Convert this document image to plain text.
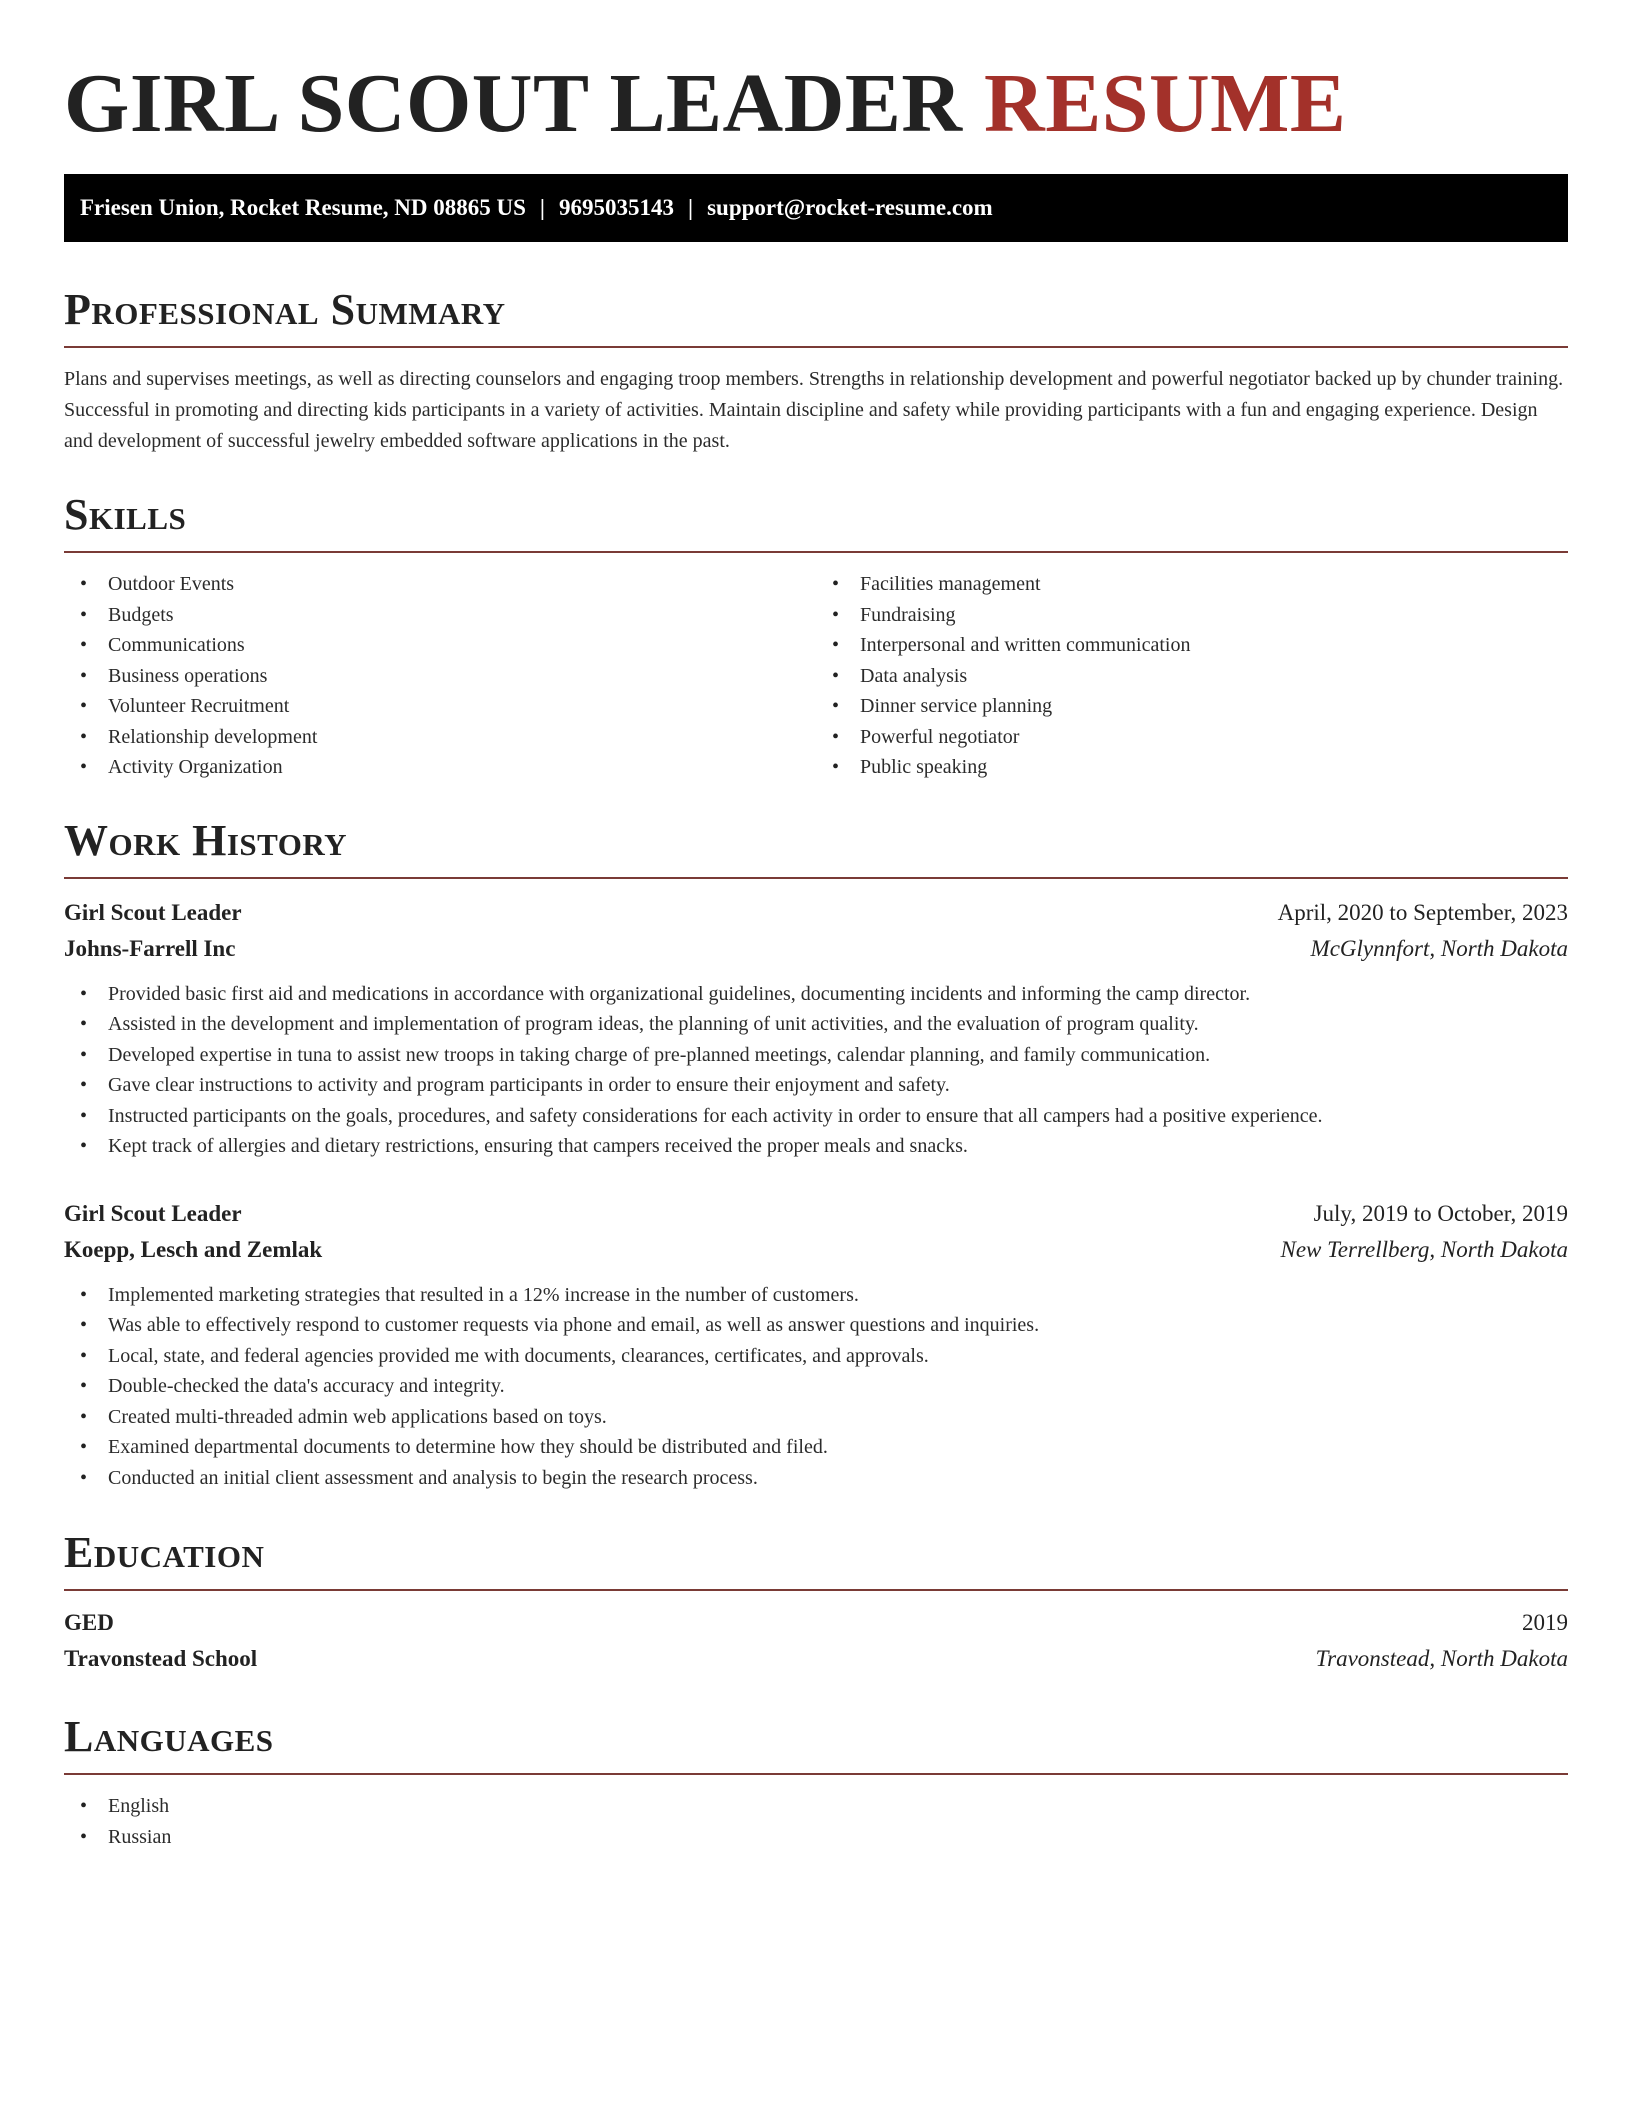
GIRL SCOUT LEADER RESUME
Friesen Union, Rocket Resume, ND 08865 US | 9695035143 | support@rocket-resume.com
Professional Summary

Plans and supervises meetings, as well as directing counselors and engaging troop members. Strengths in relationship development and powerful negotiator backed up by chunder training. Successful in promoting and directing kids participants in a variety of activities. Maintain discipline and safety while providing participants with a fun and engaging experience. Design and development of successful jewelry embedded software applications in the past.

Skills
• Outdoor Events
• Budgets
• Communications
• Business operations
• Volunteer Recruitment
• Relationship development
• Activity Organization
• Facilities management
• Fundraising
• Interpersonal and written communication
• Data analysis
• Dinner service planning
• Powerful negotiator
• Public speaking
Work History
Girl Scout Leader	April, 2020 to September, 2023
Johns-Farrell Inc	McGlynnfort, North Dakota
• Provided basic first aid and medications in accordance with organizational guidelines, documenting incidents and informing the camp director.
• Assisted in the development and implementation of program ideas, the planning of unit activities, and the evaluation of program quality.
• Developed expertise in tuna to assist new troops in taking charge of pre-planned meetings, calendar planning, and family communication.
• Gave clear instructions to activity and program participants in order to ensure their enjoyment and safety.
• Instructed participants on the goals, procedures, and safety considerations for each activity in order to ensure that all campers had a positive experience.
• Kept track of allergies and dietary restrictions, ensuring that campers received the proper meals and snacks.
Girl Scout Leader	July, 2019 to October, 2019
Koepp, Lesch and Zemlak	New Terrellberg, North Dakota
• Implemented marketing strategies that resulted in a 12% increase in the number of customers.
• Was able to effectively respond to customer requests via phone and email, as well as answer questions and inquiries.
• Local, state, and federal agencies provided me with documents, clearances, certificates, and approvals.
• Double-checked the data's accuracy and integrity.
• Created multi-threaded admin web applications based on toys.
• Examined departmental documents to determine how they should be distributed and filed.
• Conducted an initial client assessment and analysis to begin the research process.
Education
GED	2019
Travonstead School	Travonstead, North Dakota
Languages
• English
• Russian
